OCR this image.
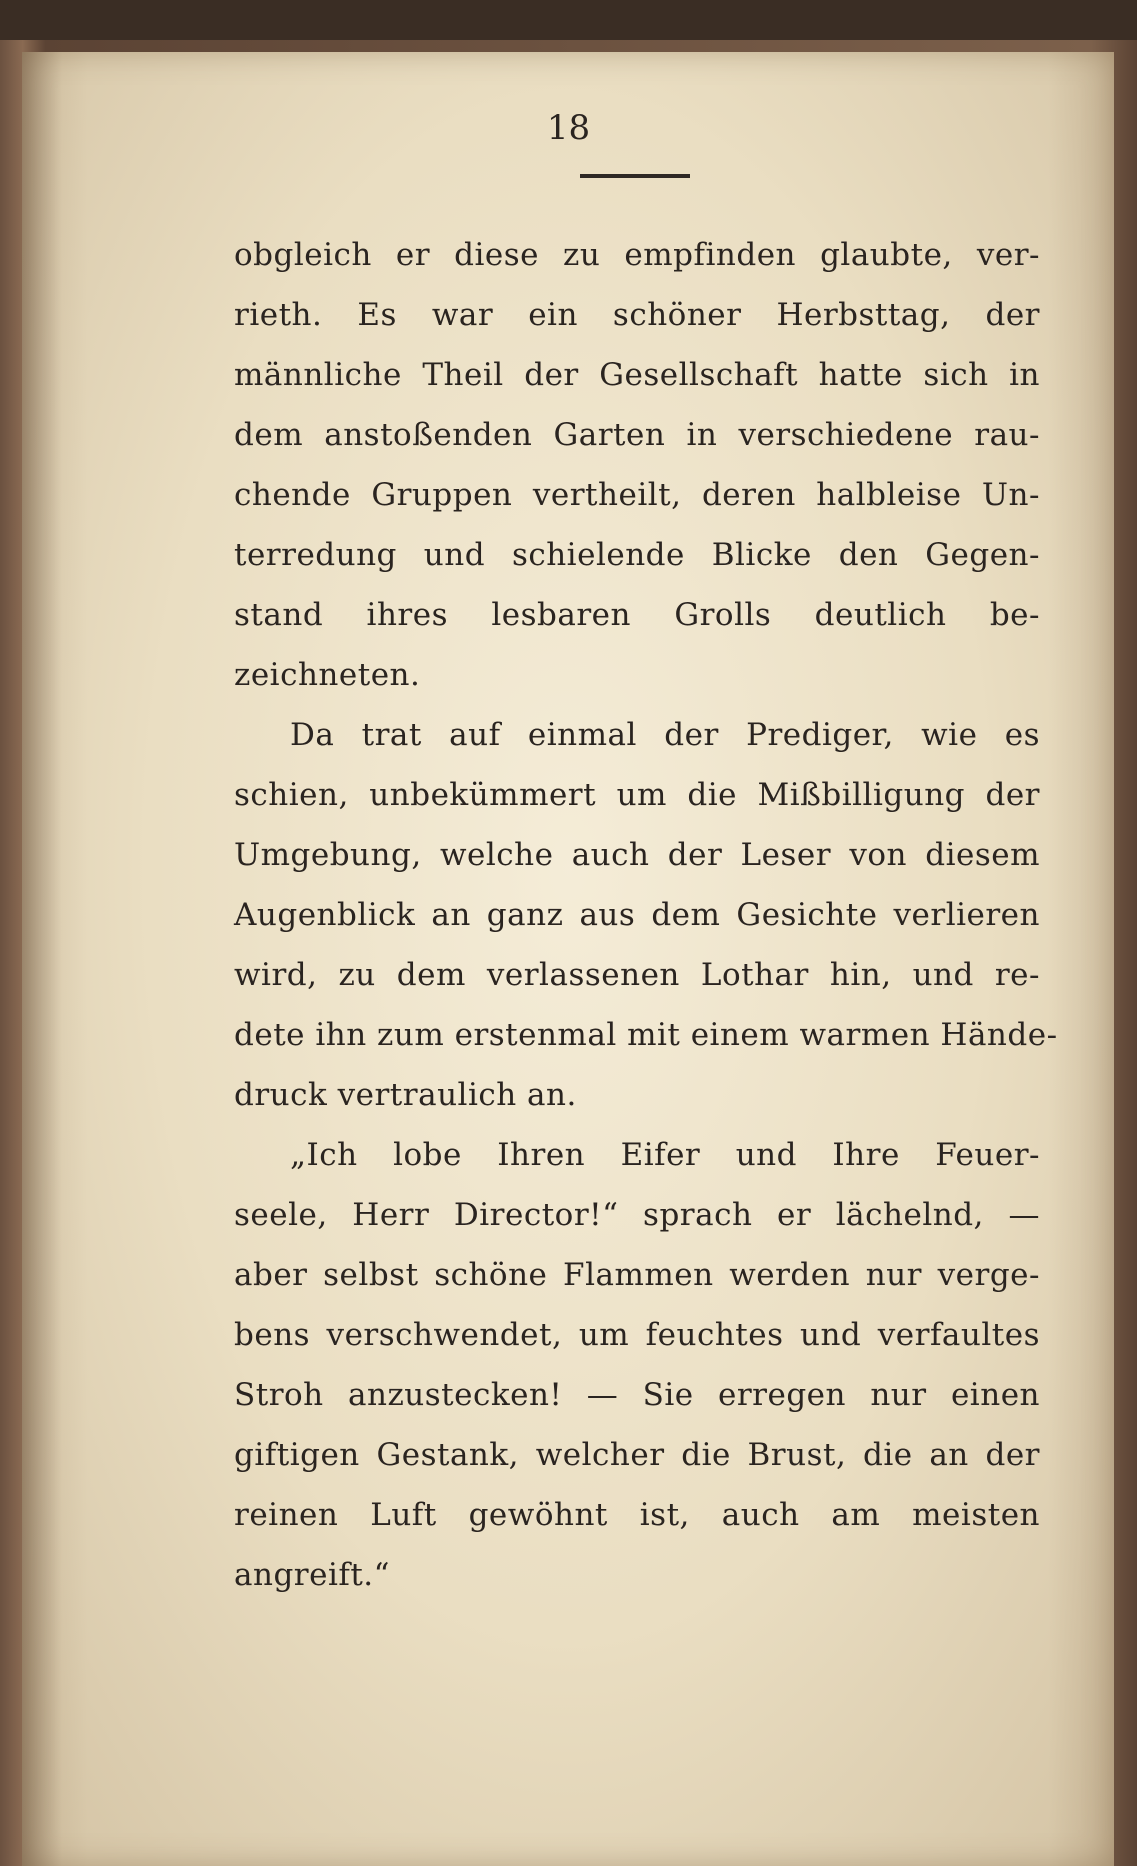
18
obgleich er diese zu empfinden glaubte, ver-
rieth. Es war ein schöner Herbsttag, der
männliche Theil der Gesellschaft hatte sich in
dem anstoßenden Garten in verschiedene rau-
chende Gruppen vertheilt, deren halbleise Un-
terredung und schielende Blicke den Gegen-
stand ihres lesbaren Grolls deutlich be-
zeichneten.
Da trat auf einmal der Prediger, wie es
schien, unbekümmert um die Mißbilligung der
Umgebung, welche auch der Leser von diesem
Augenblick an ganz aus dem Gesichte verlieren
wird, zu dem verlassenen Lothar hin, und re-
dete ihn zum erstenmal mit einem warmen Hände-
druck vertraulich an.
„Ich lobe Ihren Eifer und Ihre Feuer-
seele, Herr Director!“ sprach er lächelnd, —
aber selbst schöne Flammen werden nur verge-
bens verschwendet, um feuchtes und verfaultes
Stroh anzustecken! — Sie erregen nur einen
giftigen Gestank, welcher die Brust, die an der
reinen Luft gewöhnt ist, auch am meisten
angreift.“
